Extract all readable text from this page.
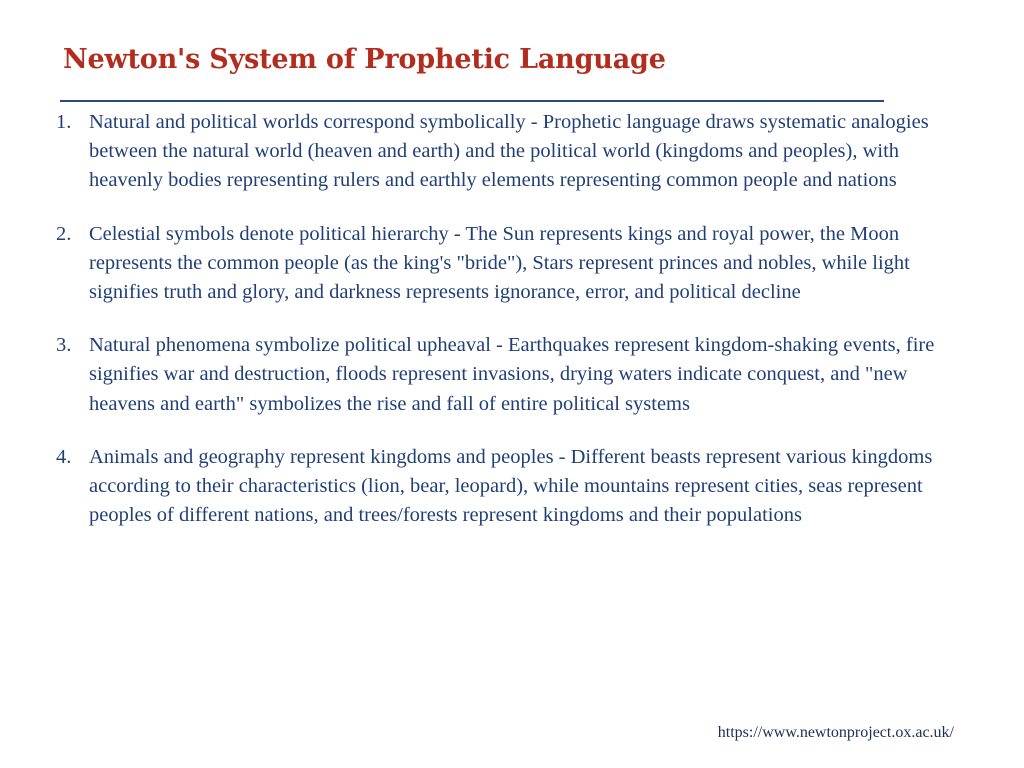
Newton's System of Prophetic Language
1. Natural and political worlds correspond symbolically - Prophetic language draws systematic analogies between the natural world (heaven and earth) and the political world (kingdoms and peoples), with heavenly bodies representing rulers and earthly elements representing common people and nations
2. Celestial symbols denote political hierarchy - The Sun represents kings and royal power, the Moon represents the common people (as the king's "bride"), Stars represent princes and nobles, while light signifies truth and glory, and darkness represents ignorance, error, and political decline
3. Natural phenomena symbolize political upheaval - Earthquakes represent kingdom-shaking events, fire signifies war and destruction, floods represent invasions, drying waters indicate conquest, and "new heavens and earth" symbolizes the rise and fall of entire political systems
4. Animals and geography represent kingdoms and peoples - Different beasts represent various kingdoms according to their characteristics (lion, bear, leopard), while mountains represent cities, seas represent peoples of different nations, and trees/forests represent kingdoms and their populations
https://www.newtonproject.ox.ac.uk/
